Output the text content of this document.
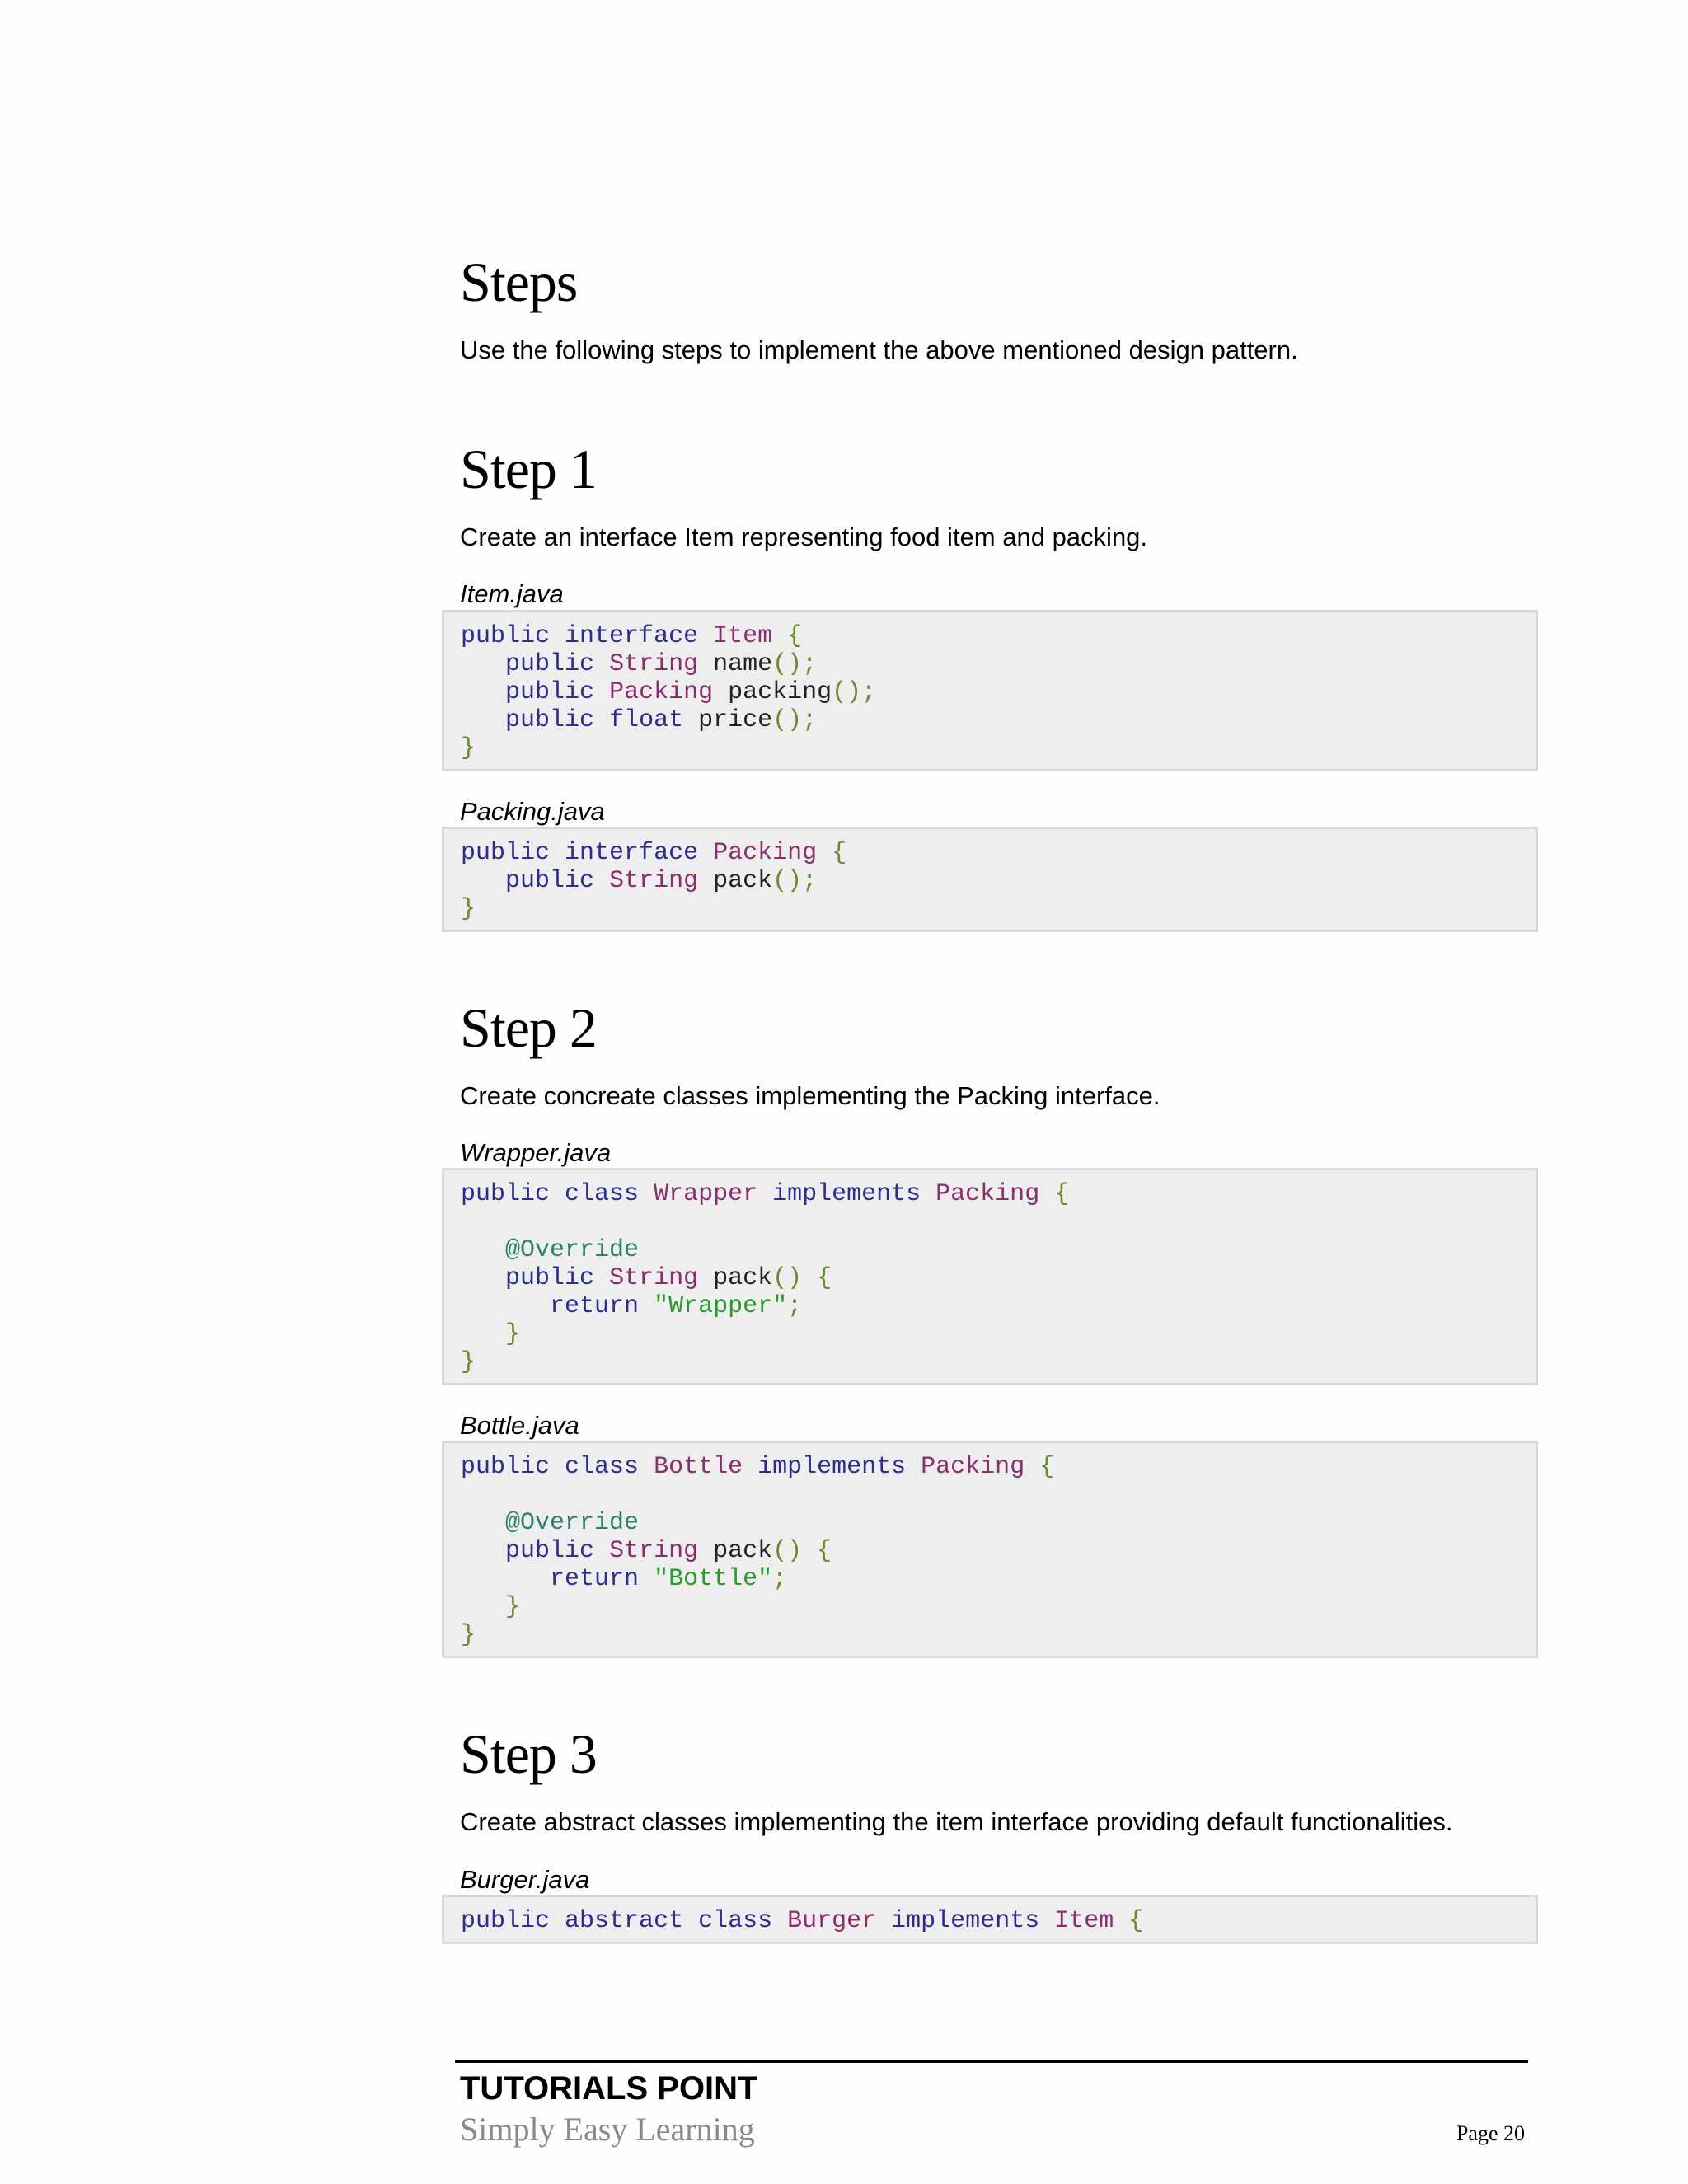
Steps

Use the following steps to implement the above mentioned design pattern.

Step 1

Create an interface Item representing food item and packing.

Item.java

public interface Item {
public String name();
public Packing packing();
public float price();
}

Packing.java

public interface Packing {
public String pack();
}
Step 2

Create concreate classes implementing the Packing interface.

Wrapper.java

public class Wrapper implements Packing {
@Override
public String pack() {
return "Wrapper";
}
}

Bottle.java

public class Bottle implements Packing {
@Override
public String pack() {
return "Bottle";
}
}
Step 3

Create abstract classes implementing the item interface providing default functionalities.

Burger.java

public abstract class Burger implements Item {
TUTORIALS POINT
Simply Easy Learning	Page 20
